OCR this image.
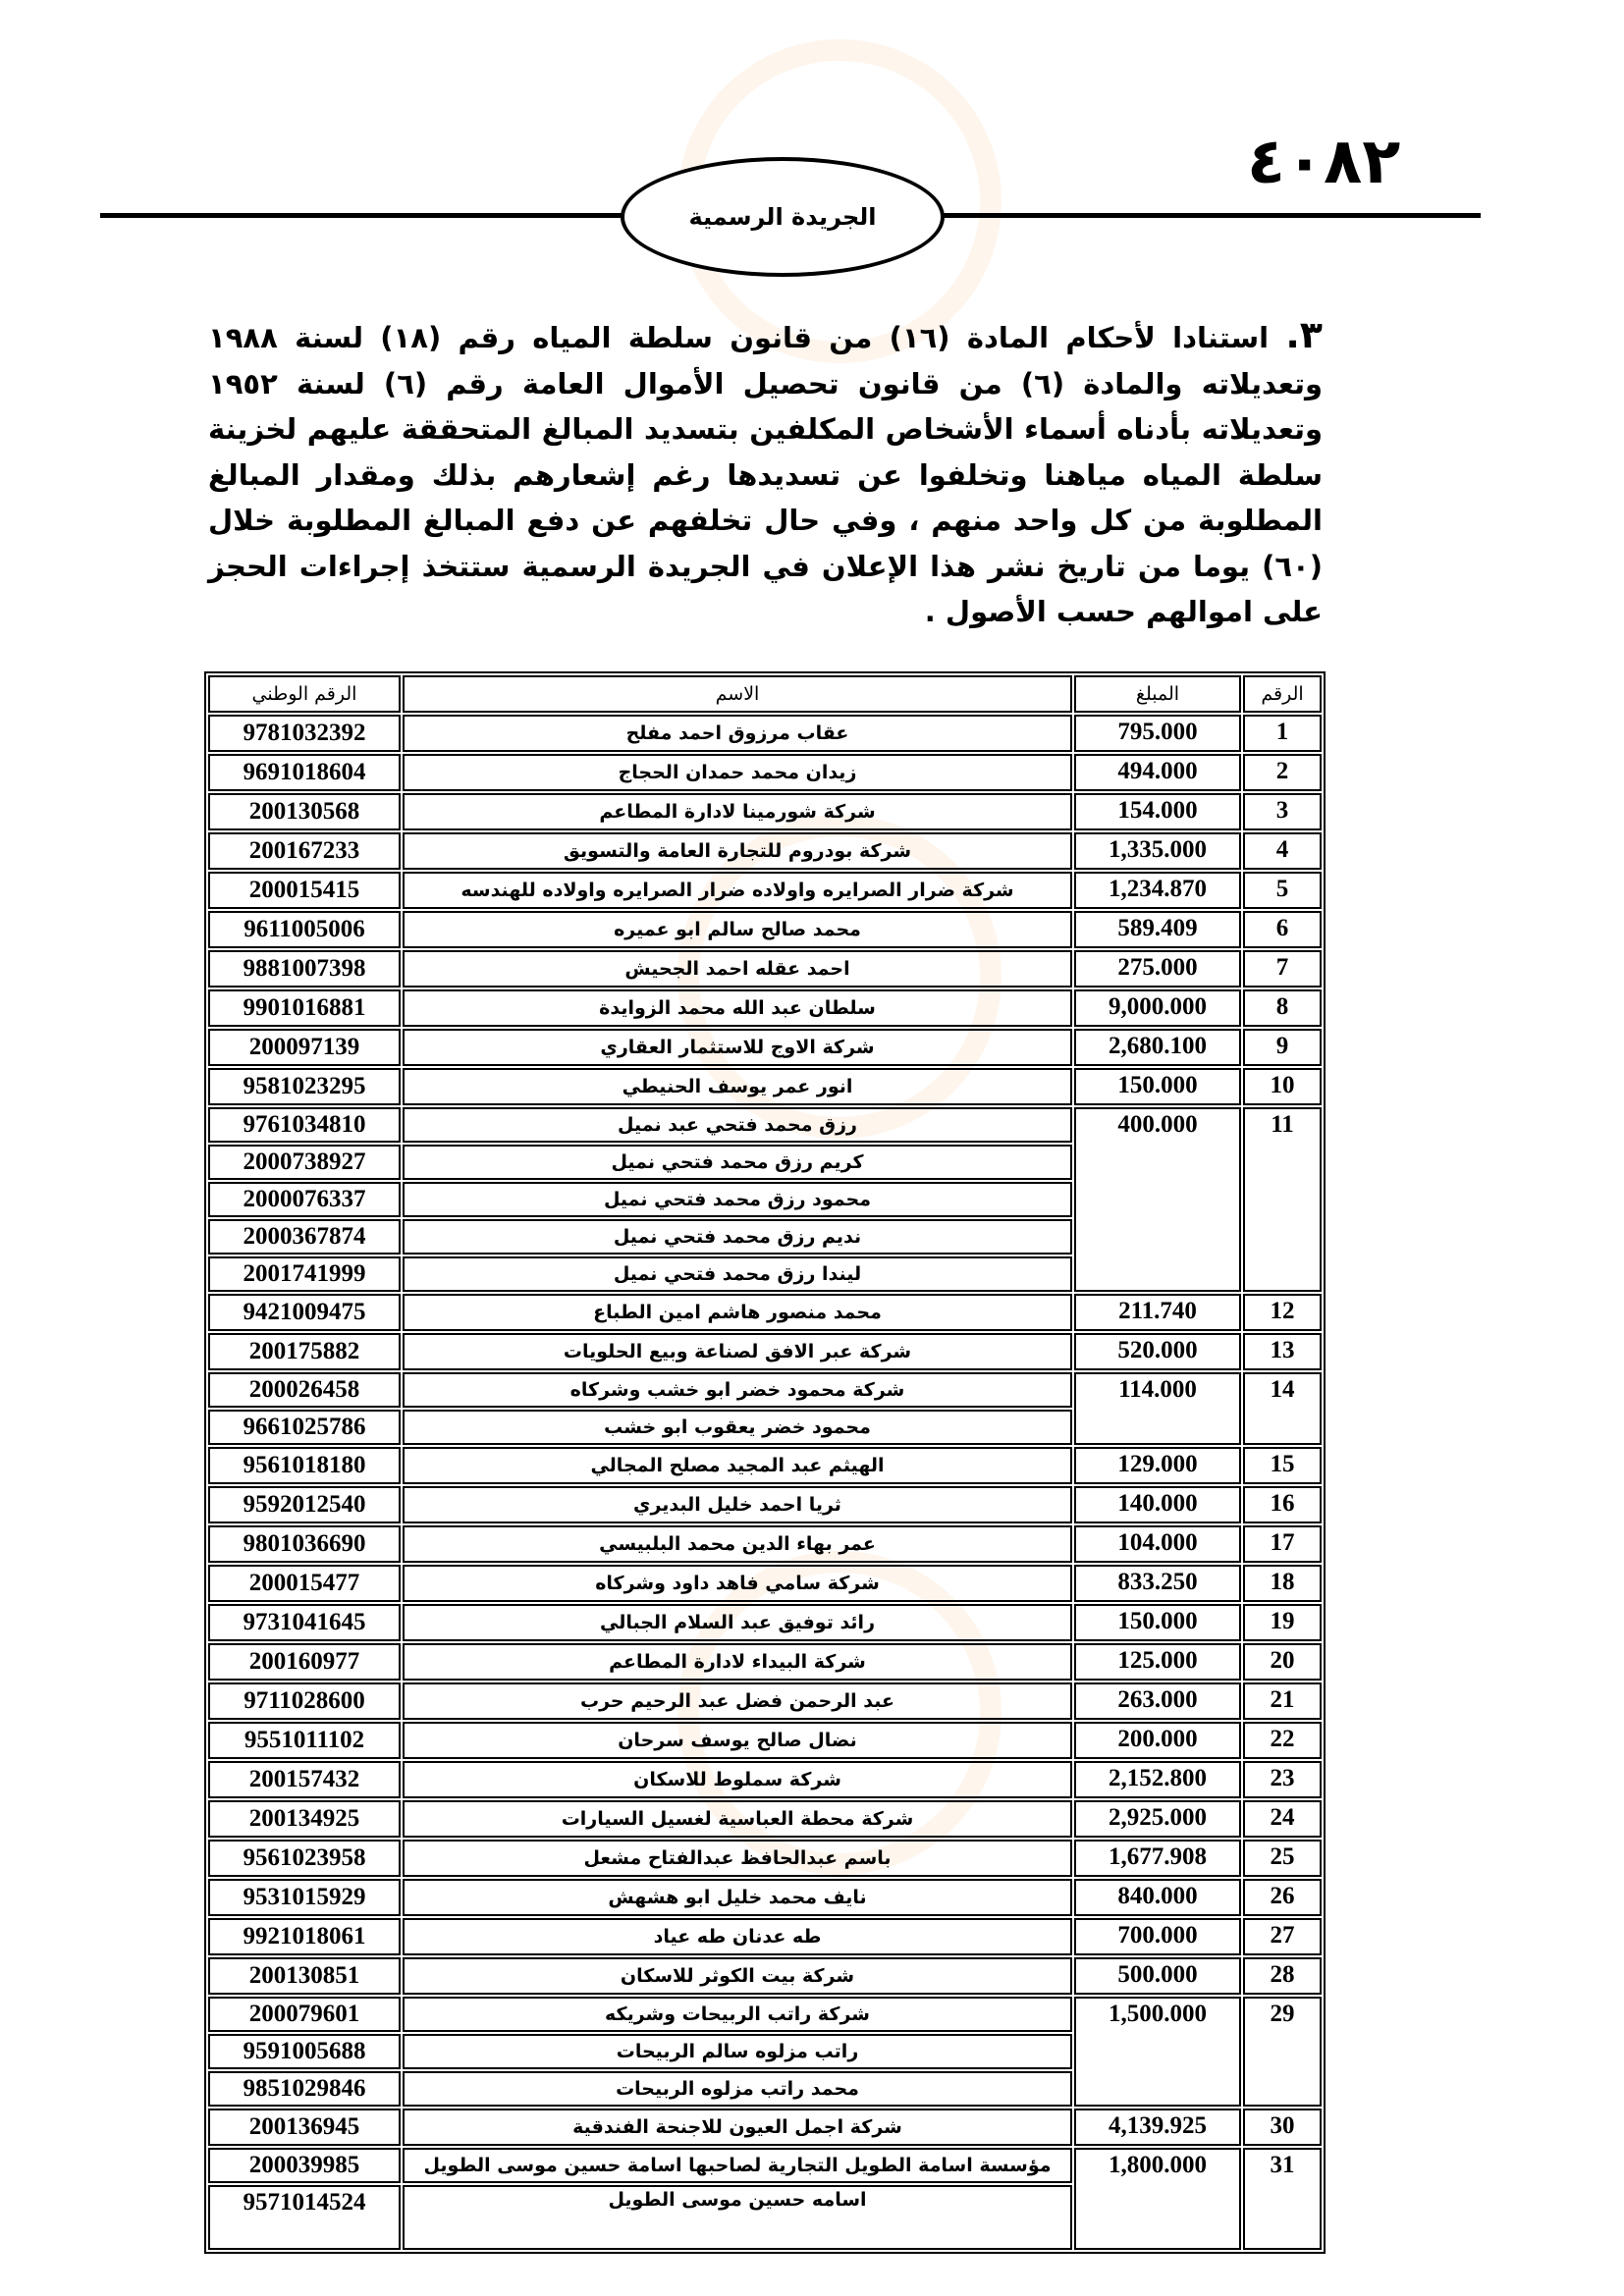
٤٠٨٢
الجريدة الرسمية
٣. استنادا لأحكام المادة (١٦) من قانون سلطة المياه رقم (١٨) لسنة ١٩٨٨ وتعديلاته والمادة (٦) من قانون تحصيل الأموال العامة رقم (٦) لسنة ١٩٥٢ وتعديلاته بأدناه أسماء الأشخاص المكلفين بتسديد المبالغ المتحققة عليهم لخزينة سلطة المياه مياهنا وتخلفوا عن تسديدها رغم إشعارهم بذلك ومقدار المبالغ المطلوبة من كل واحد منهم ، وفي حال تخلفهم عن دفع المبالغ المطلوبة خلال (٦٠) يوما من تاريخ نشر هذا الإعلان في الجريدة الرسمية ستتخذ إجراءات الحجز على اموالهم حسب الأصول .
الرقم	المبلغ	الاسم	الرقم الوطني
1	795.000	عقاب مرزوق احمد مفلح	9781032392
2	494.000	زيدان محمد حمدان الحجاج	9691018604
3	154.000	شركة شورمينا لادارة المطاعم	200130568
4	1,335.000	شركة بودروم للتجارة العامة والتسويق	200167233
5	1,234.870	شركة ضرار الصرايره واولاده ضرار الصرايره واولاده للهندسه	200015415
6	589.409	محمد صالح سالم ابو عميره	9611005006
7	275.000	احمد عقله احمد الجحيش	9881007398
8	9,000.000	سلطان عبد الله محمد الزوايدة	9901016881
9	2,680.100	شركة الاوج للاستثمار العقاري	200097139
10	150.000	انور عمر يوسف الحنيطي	9581023295
11	400.000	رزق محمد فتحي عبد نميل	9761034810
		كريم رزق محمد فتحي نميل	2000738927
		محمود رزق محمد فتحي نميل	2000076337
		نديم رزق محمد فتحي نميل	2000367874
		ليندا رزق محمد فتحي نميل	2001741999
12	211.740	محمد منصور هاشم امين الطباع	9421009475
13	520.000	شركة عبر الافق لصناعة وبيع الحلويات	200175882
14	114.000	شركة محمود خضر ابو خشب وشركاه	200026458
		محمود خضر يعقوب ابو خشب	9661025786
15	129.000	الهيثم عبد المجيد مصلح المجالي	9561018180
16	140.000	ثريا احمد خليل البديري	9592012540
17	104.000	عمر بهاء الدين محمد البلبيسي	9801036690
18	833.250	شركة سامي فاهد داود وشركاه	200015477
19	150.000	رائد توفيق عبد السلام الجبالي	9731041645
20	125.000	شركة البيداء لادارة المطاعم	200160977
21	263.000	عبد الرحمن فضل عبد الرحيم حرب	9711028600
22	200.000	نضال صالح يوسف سرحان	9551011102
23	2,152.800	شركة سملوط للاسكان	200157432
24	2,925.000	شركة محطة العباسية لغسيل السيارات	200134925
25	1,677.908	باسم عبدالحافظ عبدالفتاح مشعل	9561023958
26	840.000	نايف محمد خليل ابو هشهش	9531015929
27	700.000	طه عدنان طه عياد	9921018061
28	500.000	شركة بيت الكوثر للاسكان	200130851
29	1,500.000	شركة راتب الربيحات وشريكه	200079601
		راتب مزلوه سالم الربيحات	9591005688
		محمد راتب مزلوه الربيحات	9851029846
30	4,139.925	شركة اجمل العيون للاجنحة الفندقية	200136945
31	1,800.000	مؤسسة اسامة الطويل التجارية لصاحبها اسامة حسين موسى الطويل	200039985
		اسامه حسين موسى الطويل	9571014524
